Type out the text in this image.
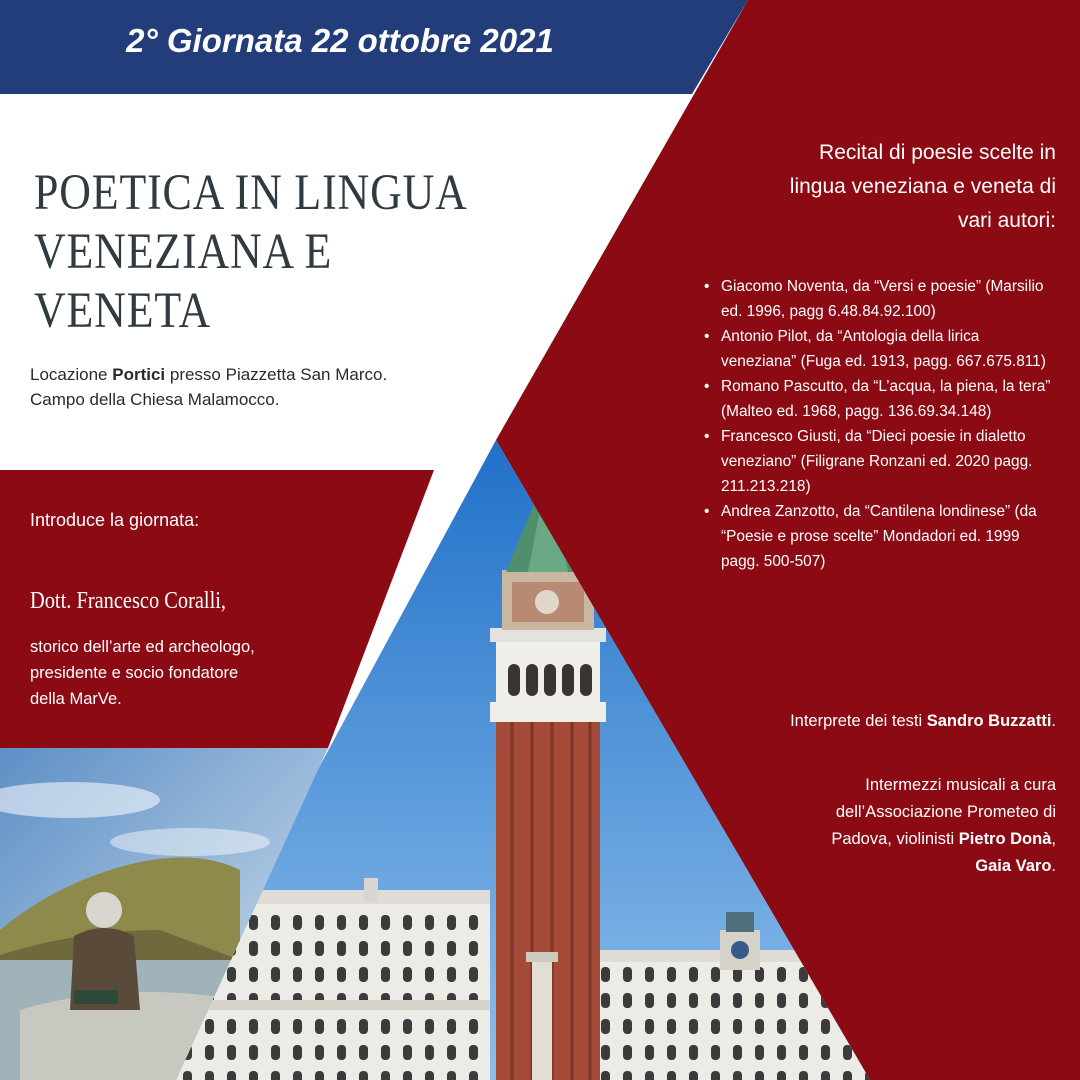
2° Giornata 22 ottobre 2021

POETICA IN LINGUA
VENEZIANA E VENETA
Locazione Portici presso Piazzetta San Marco.
Campo della Chiesa Malamocco.

Introduce la giornata:

Dott. Francesco Coralli,

storico dell’arte ed archeologo,
presidente e socio fondatore
della MarVe.
Recital di poesie scelte in
lingua veneziana e veneta di
vari autori:
• Giacomo Noventa, da “Versi e poesie” (Marsilio ed. 1996, pagg 6.48.84.92.100)
• Antonio Pilot, da “Antologia della lirica veneziana” (Fuga ed. 1913, pagg. 667.675.811)
• Romano Pascutto, da “L’acqua, la piena, la tera” (Malteo ed. 1968, pagg. 136.69.34.148)
• Francesco Giusti, da “Dieci poesie in dialetto veneziano” (Filigrane Ronzani ed. 2020 pagg. 211.213.218)
• Andrea Zanzotto, da “Cantilena londinese” (da “Poesie e prose scelte” Mondadori ed. 1999 pagg. 500-507)

Interprete dei testi Sandro Buzzatti.

Intermezzi musicali a cura
dell’Associazione Prometeo di
Padova, violinisti Pietro Donà,
Gaia Varo.
